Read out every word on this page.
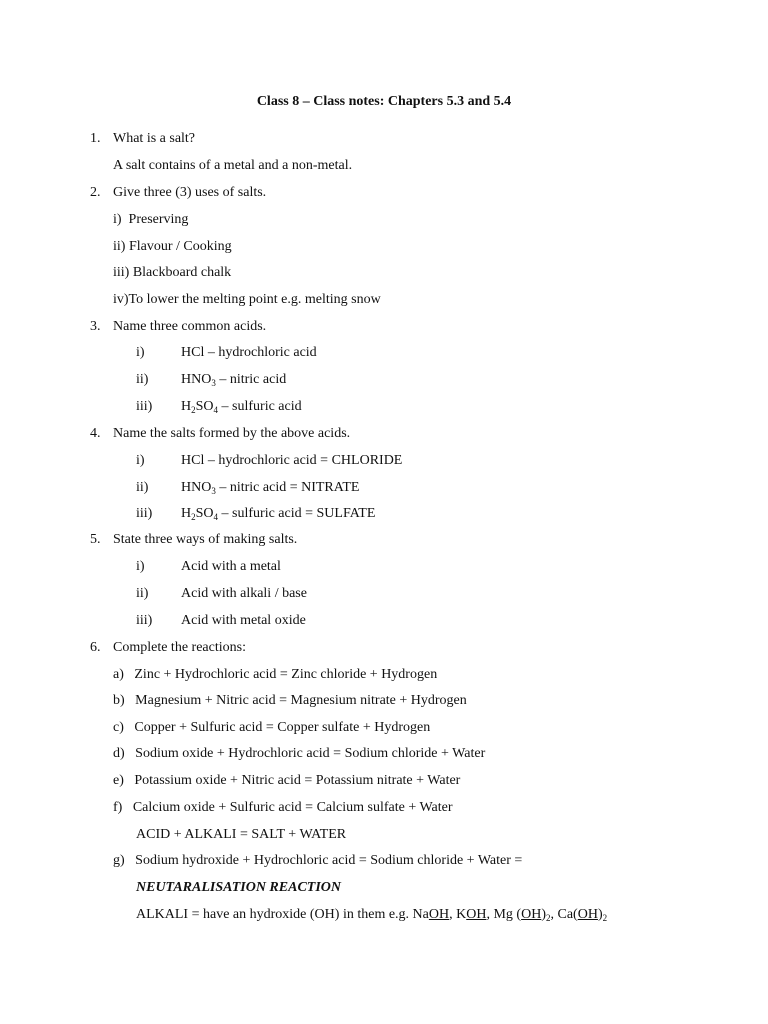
Class 8 – Class notes: Chapters 5.3 and 5.4
1. What is a salt?
A salt contains of a metal and a non-metal.
2. Give three (3) uses of salts.
i)  Preserving
ii) Flavour / Cooking
iii) Blackboard chalk
iv)To lower the melting point e.g. melting snow
3. Name three common acids.
i)	HCl – hydrochloric acid
ii) $HNO_3$ – nitric acid
iii) $H_2SO_4$ – sulfuric acid
4. Name the salts formed by the above acids.
i)	HCl – hydrochloric acid = CHLORIDE
ii) $HNO_3$ – nitric acid = NITRATE
iii) $H_2SO_4$ – sulfuric acid = SULFATE
5. State three ways of making salts.
i)	Acid with a metal
ii) Acid with alkali / base
iii) Acid with metal oxide
6. Complete the reactions:
a)   Zinc + Hydrochloric acid = Zinc chloride + Hydrogen
b)   Magnesium + Nitric acid = Magnesium nitrate + Hydrogen
c)   Copper + Sulfuric acid = Copper sulfate + Hydrogen
d)   Sodium oxide + Hydrochloric acid = Sodium chloride + Water
e)   Potassium oxide + Nitric acid = Potassium nitrate + Water
f)   Calcium oxide + Sulfuric acid = Calcium sulfate + Water
ACID + ALKALI = SALT + WATER
g)   Sodium hydroxide + Hydrochloric acid = Sodium chloride + Water =
NEUTARALISATION REACTION
ALKALI = have an hydroxide (OH) in them e.g. NaOH, KOH, Mg $(OH)_2$, $Ca(OH)_2$
